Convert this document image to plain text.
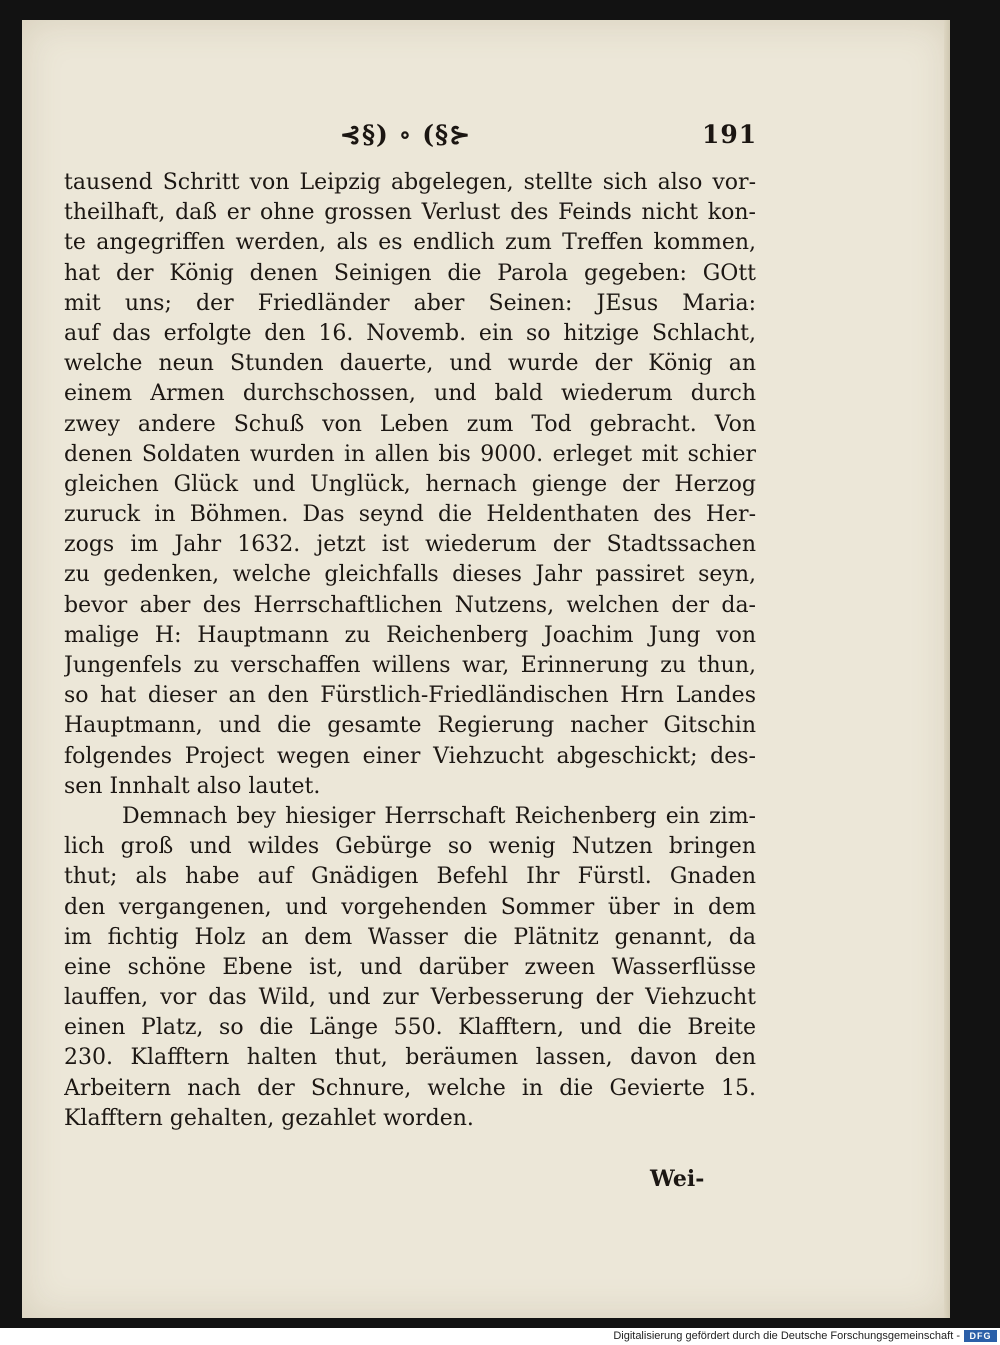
⊰§) ∘ (§⊱	191
tausend Schritt von Leipzig abgelegen, stellte sich also vor-
theilhaft, daß er ohne grossen Verlust des Feinds nicht kon-
te angegriffen werden, als es endlich zum Treffen kommen,
hat der König denen Seinigen die Parola gegeben: GOtt
mit uns; der Friedländer aber Seinen: JEsus Maria:
auf das erfolgte den 16. Novemb. ein so hitzige Schlacht,
welche neun Stunden dauerte, und wurde der König an
einem Armen durchschossen, und bald wiederum durch
zwey andere Schuß von Leben zum Tod gebracht. Von
denen Soldaten wurden in allen bis 9000. erleget mit schier
gleichen Glück und Unglück, hernach gienge der Herzog
zuruck in Böhmen. Das seynd die Heldenthaten des Her-
zogs im Jahr 1632. jetzt ist wiederum der Stadtssachen
zu gedenken, welche gleichfalls dieses Jahr passiret seyn,
bevor aber des Herrschaftlichen Nutzens, welchen der da-
malige H: Hauptmann zu Reichenberg Joachim Jung von
Jungenfels zu verschaffen willens war, Erinnerung zu thun,
so hat dieser an den Fürstlich-Friedländischen Hrn Landes
Hauptmann, und die gesamte Regierung nacher Gitschin
folgendes Project wegen einer Viehzucht abgeschickt; des-
sen Innhalt also lautet.
Demnach bey hiesiger Herrschaft Reichenberg ein zim-
lich groß und wildes Gebürge so wenig Nutzen bringen
thut; als habe auf Gnädigen Befehl Ihr Fürstl. Gnaden
den vergangenen, und vorgehenden Sommer über in dem
im fichtig Holz an dem Wasser die Plätnitz genannt, da
eine schöne Ebene ist, und darüber zween Wasserflüsse
lauffen, vor das Wild, und zur Verbesserung der Viehzucht
einen Platz, so die Länge 550. Klafftern, und die Breite
230. Klafftern halten thut, beräumen lassen, davon den
Arbeitern nach der Schnure, welche in die Gevierte 15.
Klafftern gehalten, gezahlet worden.
Wei-
Digitalisierung gefördert durch die Deutsche Forschungsgemeinschaft -	DFG
